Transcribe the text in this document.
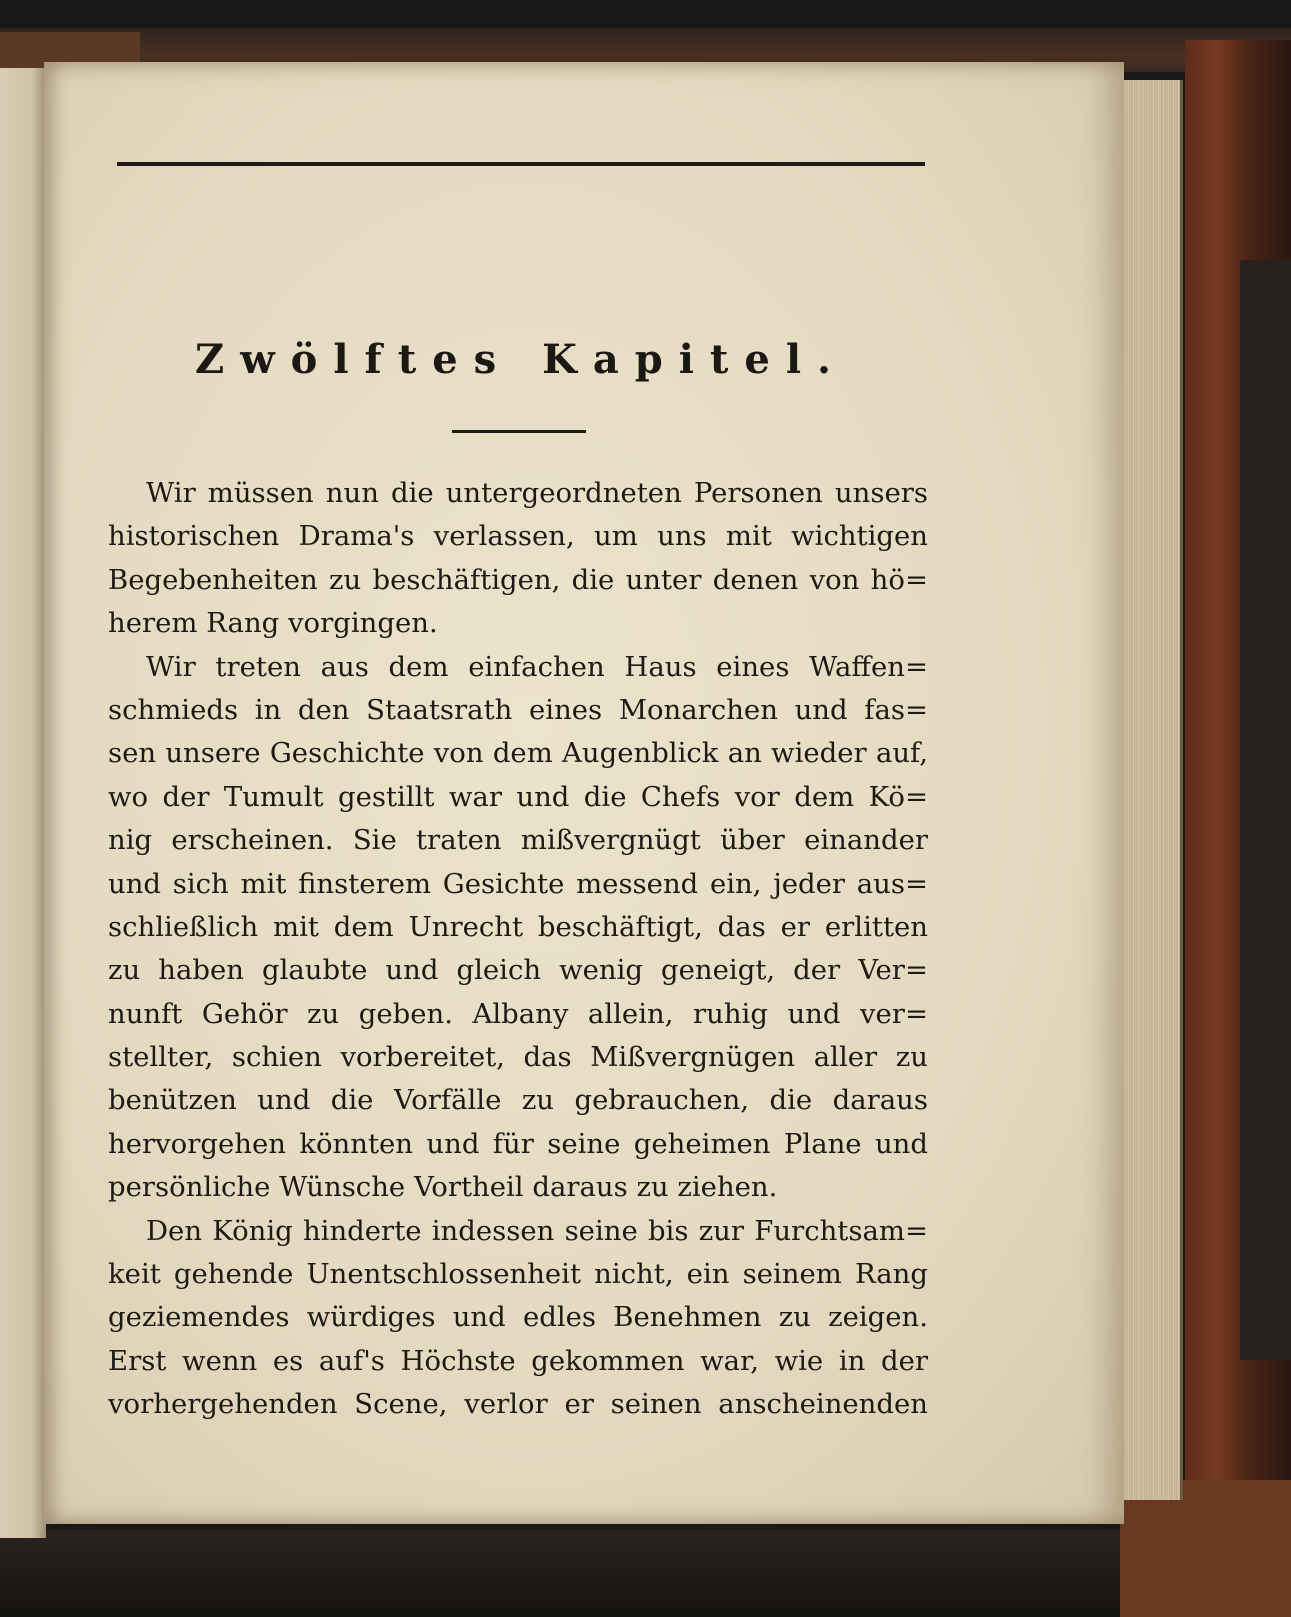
Zwölftes Kapitel.
Wir müssen nun die untergeordneten Personen unsers
historischen Drama's verlassen, um uns mit wichtigen
Begebenheiten zu beschäftigen, die unter denen von hö=
herem Rang vorgingen.
Wir treten aus dem einfachen Haus eines Waffen=
schmieds in den Staatsrath eines Monarchen und fas=
sen unsere Geschichte von dem Augenblick an wieder auf,
wo der Tumult gestillt war und die Chefs vor dem Kö=
nig erscheinen. Sie traten mißvergnügt über einander
und sich mit finsterem Gesichte messend ein, jeder aus=
schließlich mit dem Unrecht beschäftigt, das er erlitten
zu haben glaubte und gleich wenig geneigt, der Ver=
nunft Gehör zu geben. Albany allein, ruhig und ver=
stellter, schien vorbereitet, das Mißvergnügen aller zu
benützen und die Vorfälle zu gebrauchen, die daraus
hervorgehen könnten und für seine geheimen Plane und
persönliche Wünsche Vortheil daraus zu ziehen.
Den König hinderte indessen seine bis zur Furchtsam=
keit gehende Unentschlossenheit nicht, ein seinem Rang
geziemendes würdiges und edles Benehmen zu zeigen.
Erst wenn es auf's Höchste gekommen war, wie in der
vorhergehenden Scene, verlor er seinen anscheinenden
